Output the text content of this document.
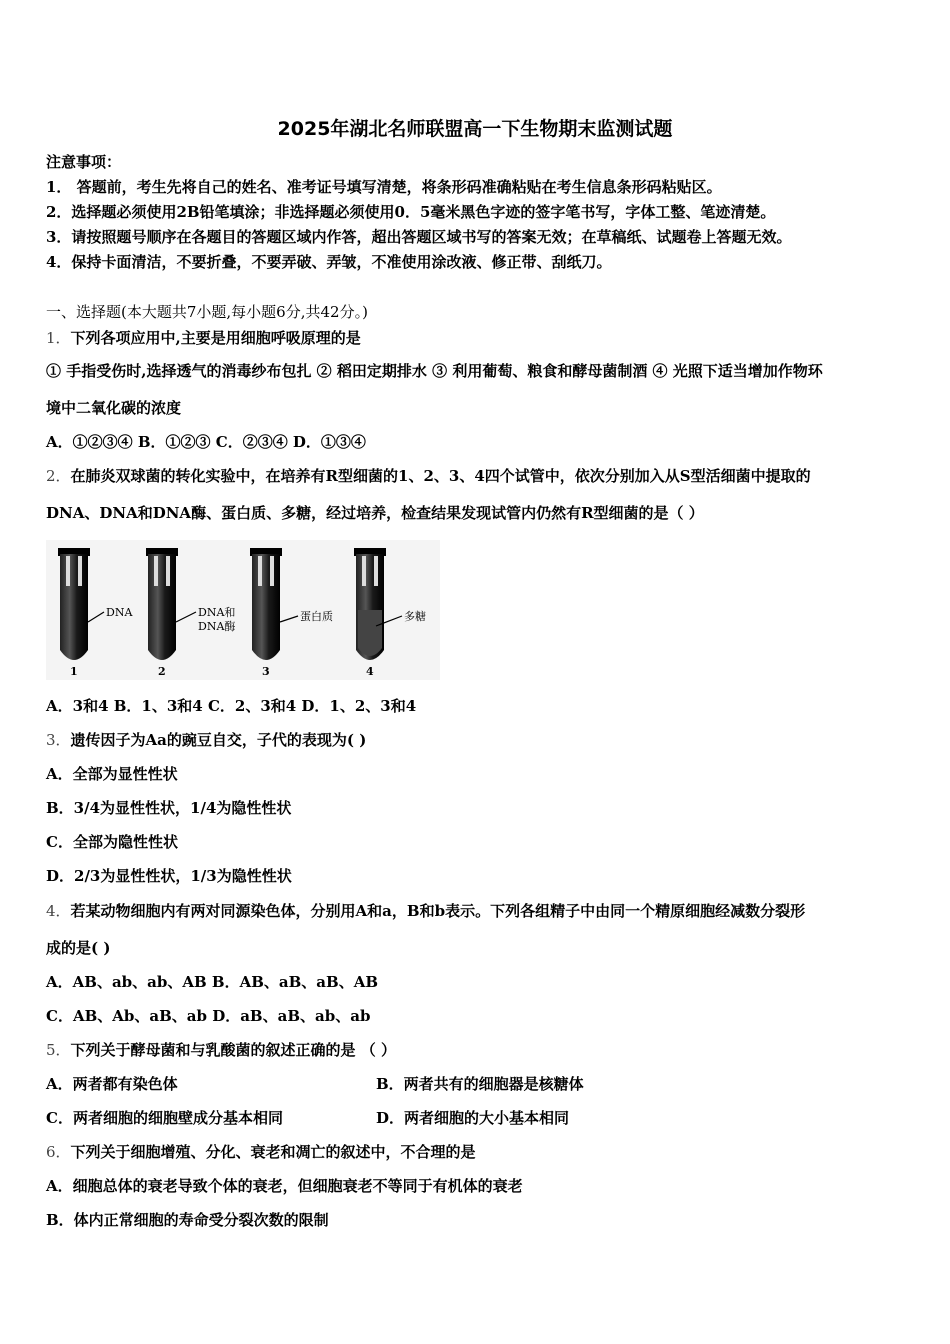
2025年湖北名师联盟高一下生物期末监测试题
注意事项：
1． 答题前，考生先将自己的姓名、准考证号填写清楚，将条形码准确粘贴在考生信息条形码粘贴区。
2．选择题必须使用2B铅笔填涂；非选择题必须使用0．5毫米黑色字迹的签字笔书写，字体工整、笔迹清楚。
3．请按照题号顺序在各题目的答题区域内作答，超出答题区域书写的答案无效；在草稿纸、试题卷上答题无效。
4．保持卡面清洁，不要折叠，不要弄破、弄皱，不准使用涂改液、修正带、刮纸刀。
一、选择题(本大题共7小题,每小题6分,共42分。)
1．下列各项应用中,主要是用细胞呼吸原理的是
① 手指受伤时,选择透气的消毒纱布包扎 ② 稻田定期排水 ③ 利用葡萄、粮食和酵母菌制酒 ④ 光照下适当增加作物环
境中二氧化碳的浓度
A．①②③④ B．①②③ C．②③④ D．①③④
2．在肺炎双球菌的转化实验中，在培养有R型细菌的1、2、3、4四个试管中，依次分别加入从S型活细菌中提取的
DNA、DNA和DNA酶、蛋白质、多糖，经过培养，检查结果发现试管内仍然有R型细菌的是（ ）
DNA
1
DNA和
DNA酶
2
蛋白质
3
多糖
4
A．3和4 B．1、3和4 C．2、3和4 D．1、2、3和4
3．遗传因子为Aa的豌豆自交，子代的表现为( )
A．全部为显性性状
B．3/4为显性性状，1/4为隐性性状
C．全部为隐性性状
D．2/3为显性性状，1/3为隐性性状
4．若某动物细胞内有两对同源染色体，分别用A和a，B和b表示。下列各组精子中由同一个精原细胞经减数分裂形
成的是( )
A．AB、ab、ab、AB B．AB、aB、aB、AB
C．AB、Ab、aB、ab D．aB、aB、ab、ab
5．下列关于酵母菌和与乳酸菌的叙述正确的是 （ ）
A．两者都有染色体	B．两者共有的细胞器是核糖体
C．两者细胞的细胞壁成分基本相同	D．两者细胞的大小基本相同
6．下列关于细胞增殖、分化、衰老和凋亡的叙述中，不合理的是
A．细胞总体的衰老导致个体的衰老，但细胞衰老不等同于有机体的衰老
B．体内正常细胞的寿命受分裂次数的限制
